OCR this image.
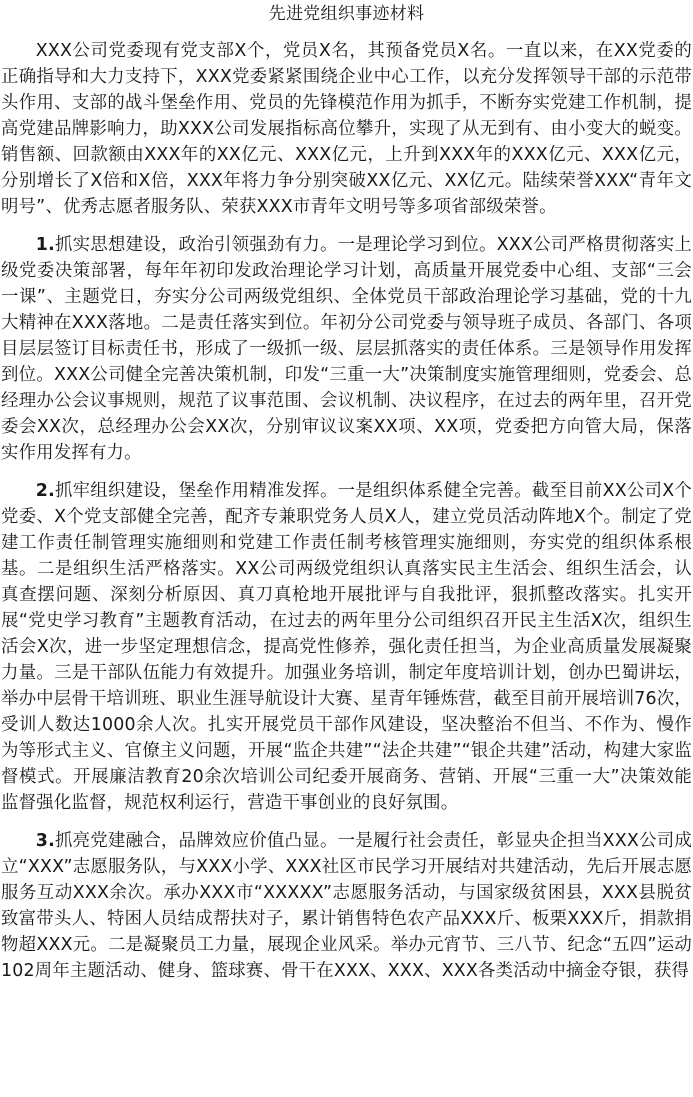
先进党组织事迹材料

XXX公司党委现有党支部X个，党员X名，其预备党员X名。一直以来，在XX党委的正确指导和大力支持下，XXX党委紧紧围绕企业中心工作，以充分发挥领导干部的示范带头作用、支部的战斗堡垒作用、党员的先锋模范作用为抓手，不断夯实党建工作机制，提高党建品牌影响力，助XXX公司发展指标高位攀升，实现了从无到有、由小变大的蜕变。销售额、回款额由XXX年的XX亿元、XXX亿元，上升到XXX年的XXX亿元、XXX亿元，分别增长了X倍和X倍，XXX年将力争分别突破XX亿元、XX亿元。陆续荣誉XXX“青年文明号”、优秀志愿者服务队、荣获XXX市青年文明号等多项省部级荣誉。

1.抓实思想建设，政治引领强劲有力。一是理论学习到位。XXX公司严格贯彻落实上级党委决策部署，每年年初印发政治理论学习计划，高质量开展党委中心组、支部“三会一课”、主题党日，夯实分公司两级党组织、全体党员干部政治理论学习基础，党的十九大精神在XXX落地。二是责任落实到位。年初分公司党委与领导班子成员、各部门、各项目层层签订目标责任书，形成了一级抓一级、层层抓落实的责任体系。三是领导作用发挥到位。XXX公司健全完善决策机制，印发“三重一大”决策制度实施管理细则，党委会、总经理办公会议事规则，规范了议事范围、会议机制、决议程序，在过去的两年里，召开党委会XX次，总经理办公会XX次，分别审议议案XX项、XX项，党委把方向管大局，保落实作用发挥有力。

2.抓牢组织建设，堡垒作用精准发挥。一是组织体系健全完善。截至目前XX公司X个党委、X个党支部健全完善，配齐专兼职党务人员X人，建立党员活动阵地X个。制定了党建工作责任制管理实施细则和党建工作责任制考核管理实施细则，夯实党的组织体系根基。二是组织生活严格落实。XX公司两级党组织认真落实民主生活会、组织生活会，认真查摆问题、深刻分析原因、真刀真枪地开展批评与自我批评，狠抓整改落实。扎实开展“党史学习教育”主题教育活动，在过去的两年里分公司组织召开民主生活X次，组织生活会X次，进一步坚定理想信念，提高党性修养，强化责任担当，为企业高质量发展凝聚力量。三是干部队伍能力有效提升。加强业务培训，制定年度培训计划，创办巴蜀讲坛，举办中层骨干培训班、职业生涯导航设计大赛、星青年锤炼营，截至目前开展培训76次，受训人数达1000余人次。扎实开展党员干部作风建设，坚决整治不但当、不作为、慢作为等形式主义、官僚主义问题，开展“监企共建”“法企共建”“银企共建”活动，构建大家监督模式。开展廉洁教育20余次培训公司纪委开展商务、营销、开展“三重一大”决策效能监督强化监督，规范权利运行，营造干事创业的良好氛围。

3.抓亮党建融合，品牌效应价值凸显。一是履行社会责任，彰显央企担当XXX公司成立“XXX”志愿服务队，与XXX小学、XXX社区市民学习开展结对共建活动，先后开展志愿服务互动XXX余次。承办XXX市“XXXXX”志愿服务活动，与国家级贫困县，XXX县脱贫致富带头人、特困人员结成帮扶对子，累计销售特色农产品XXX斤、板栗XXX斤，捐款捐物超XXX元。二是凝聚员工力量，展现企业风采。举办元宵节、三八节、纪念“五四”运动102周年主题活动、健身、篮球赛、骨干在XXX、XXX、XXX各类活动中摘金夺银，获得
